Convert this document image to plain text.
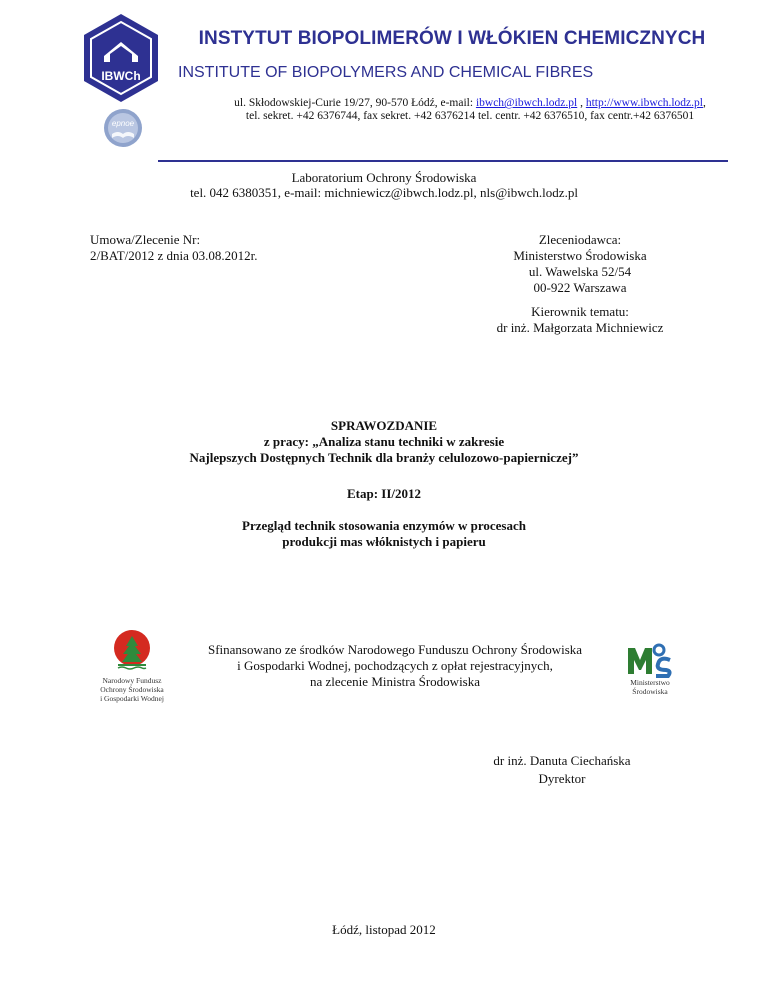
IBWCh
epnoe
INSTYTUT BIOPOLIMERÓW I WŁÓKIEN CHEMICZNYCH
INSTITUTE OF BIOPOLYMERS AND CHEMICAL FIBRES
ul. Skłodowskiej-Curie 19/27, 90-570 Łódź, e-mail: ibwch@ibwch.lodz.pl , http://www.ibwch.lodz.pl,
tel. sekret. +42 6376744, fax sekret. +42 6376214 tel. centr. +42 6376510, fax centr.+42 6376501
Laboratorium Ochrony Środowiska
tel. 042 6380351, e-mail: michniewicz@ibwch.lodz.pl, nls@ibwch.lodz.pl
Umowa/Zlecenie Nr:
2/BAT/2012 z dnia 03.08.2012r.
Zleceniodawca:
Ministerstwo Środowiska
ul. Wawelska 52/54
00-922 Warszawa
Kierownik tematu:
dr inż. Małgorzata Michniewicz
SPRAWOZDANIE
z pracy: „Analiza stanu techniki w zakresie
Najlepszych Dostępnych Technik dla branży celulozowo-papierniczej”
Etap: II/2012
Przegląd technik stosowania enzymów w procesach
produkcji mas włóknistych i papieru
Narodowy Fundusz
Ochrony Środowiska
i Gospodarki Wodnej
Sfinansowano ze środków Narodowego Funduszu Ochrony Środowiska
i Gospodarki Wodnej, pochodzących z opłat rejestracyjnych,
na zlecenie Ministra Środowiska	Ministerstwo
Środowiska
dr inż. Danuta Ciechańska
Dyrektor
Łódź, listopad 2012
